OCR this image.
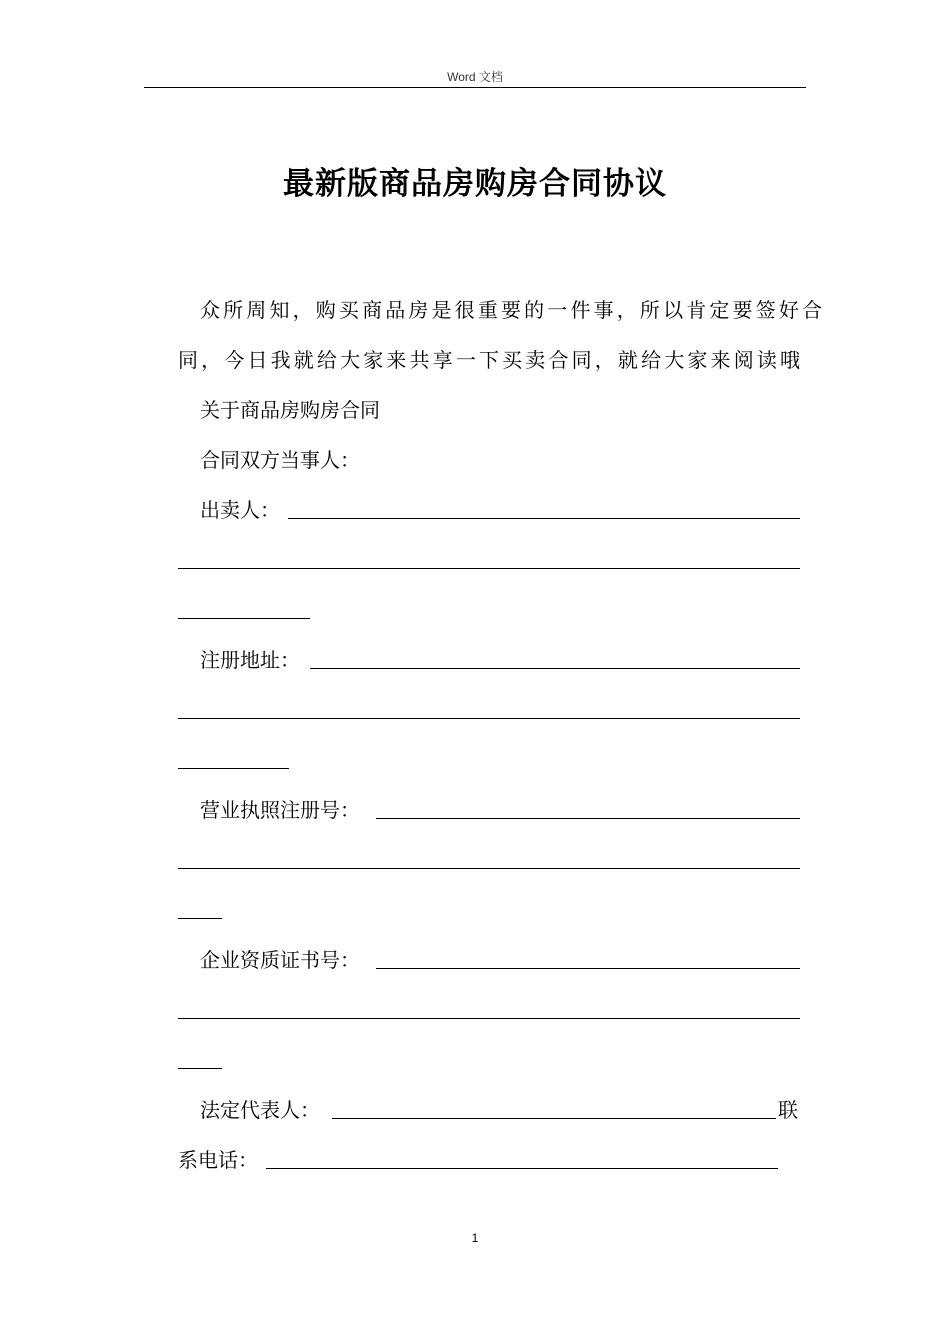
Word 文档
最新版商品房购房合同协议
众所周知，购买商品房是很重要的一件事，所以肯定要签好合
同，今日我就给大家来共享一下买卖合同，就给大家来阅读哦
关于商品房购房合同
合同双方当事人：
出卖人：
注册地址：
营业执照注册号：
企业资质证书号：
法定代表人：	联
系电话：
1
